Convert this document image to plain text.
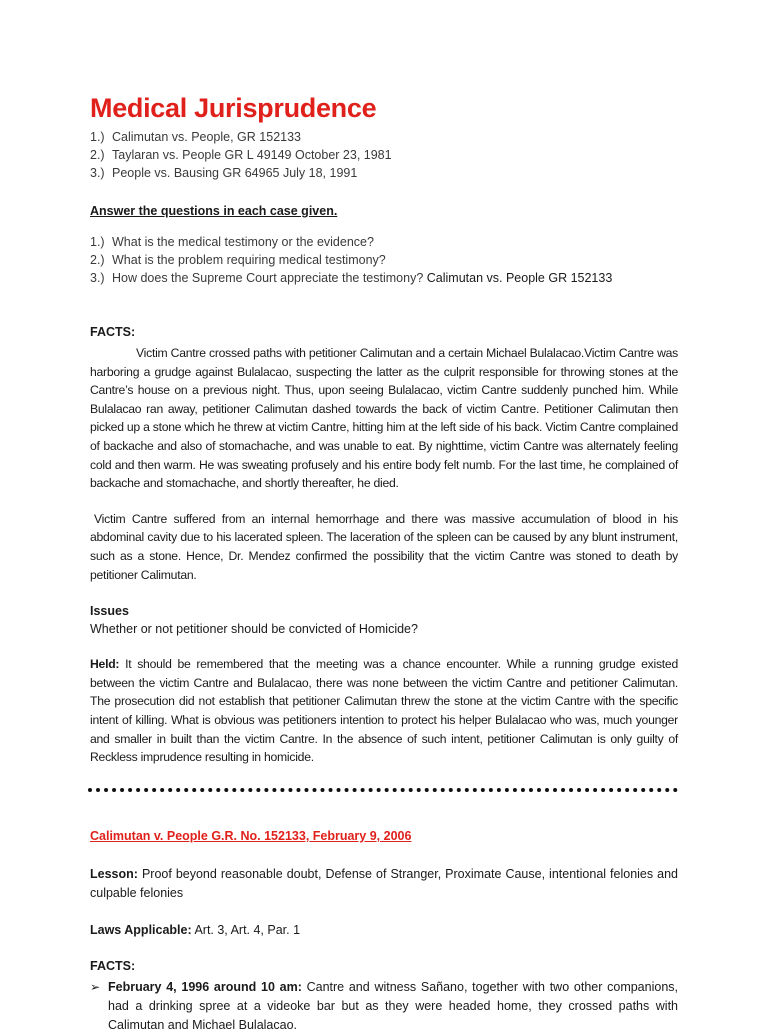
Medical Jurisprudence
1.) Calimutan vs. People, GR 152133
2.) Taylaran vs. People GR L 49149 October 23, 1981
3.) People vs. Bausing GR 64965 July 18, 1991
Answer the questions in each case given.
1.) What is the medical testimony or the evidence?
2.) What is the problem requiring medical testimony?
3.) How does the Supreme Court appreciate the testimony? Calimutan vs. People GR 152133
FACTS:

Victim Cantre crossed paths with petitioner Calimutan and a certain Michael Bulalacao.Victim Cantre was harboring a grudge against Bulalacao, suspecting the latter as the culprit responsible for throwing stones at the Cantre’s house on a previous night. Thus, upon seeing Bulalacao, victim Cantre suddenly punched him. While Bulalacao ran away, petitioner Calimutan dashed towards the back of victim Cantre. Petitioner Calimutan then picked up a stone which he threw at victim Cantre, hitting him at the left side of his back. Victim Cantre complained of backache and also of stomachache, and was unable to eat. By nighttime, victim Cantre was alternately feeling cold and then warm. He was sweating profusely and his entire body felt numb. For the last time, he complained of backache and stomachache, and shortly thereafter, he died.

Victim Cantre suffered from an internal hemorrhage and there was massive accumulation of blood in his abdominal cavity due to his lacerated spleen. The laceration of the spleen can be caused by any blunt instrument, such as a stone. Hence, Dr. Mendez confirmed the possibility that the victim Cantre was stoned to death by petitioner Calimutan.

Issues
Whether or not petitioner should be convicted of Homicide?

Held: It should be remembered that the meeting was a chance encounter. While a running grudge existed between the victim Cantre and Bulalacao, there was none between the victim Cantre and petitioner Calimutan. The prosecution did not establish that petitioner Calimutan threw the stone at the victim Cantre with the specific intent of killing. What is obvious was petitioners intention to protect his helper Bulalacao who was, much younger and smaller in built than the victim Cantre. In the absence of such intent, petitioner Calimutan is only guilty of Reckless imprudence resulting in homicide.

Calimutan v. People G.R. No. 152133, February 9, 2006
Lesson: Proof beyond reasonable doubt, Defense of Stranger, Proximate Cause, intentional felonies and culpable felonies
Laws Applicable: Art. 3, Art. 4, Par. 1
FACTS:
➢ February 4, 1996 around 10 am: Cantre and witness Sañano, together with two other companions, had a drinking spree at a videoke bar but as they were headed home, they crossed paths with Calimutan and Michael Bulalacao.
